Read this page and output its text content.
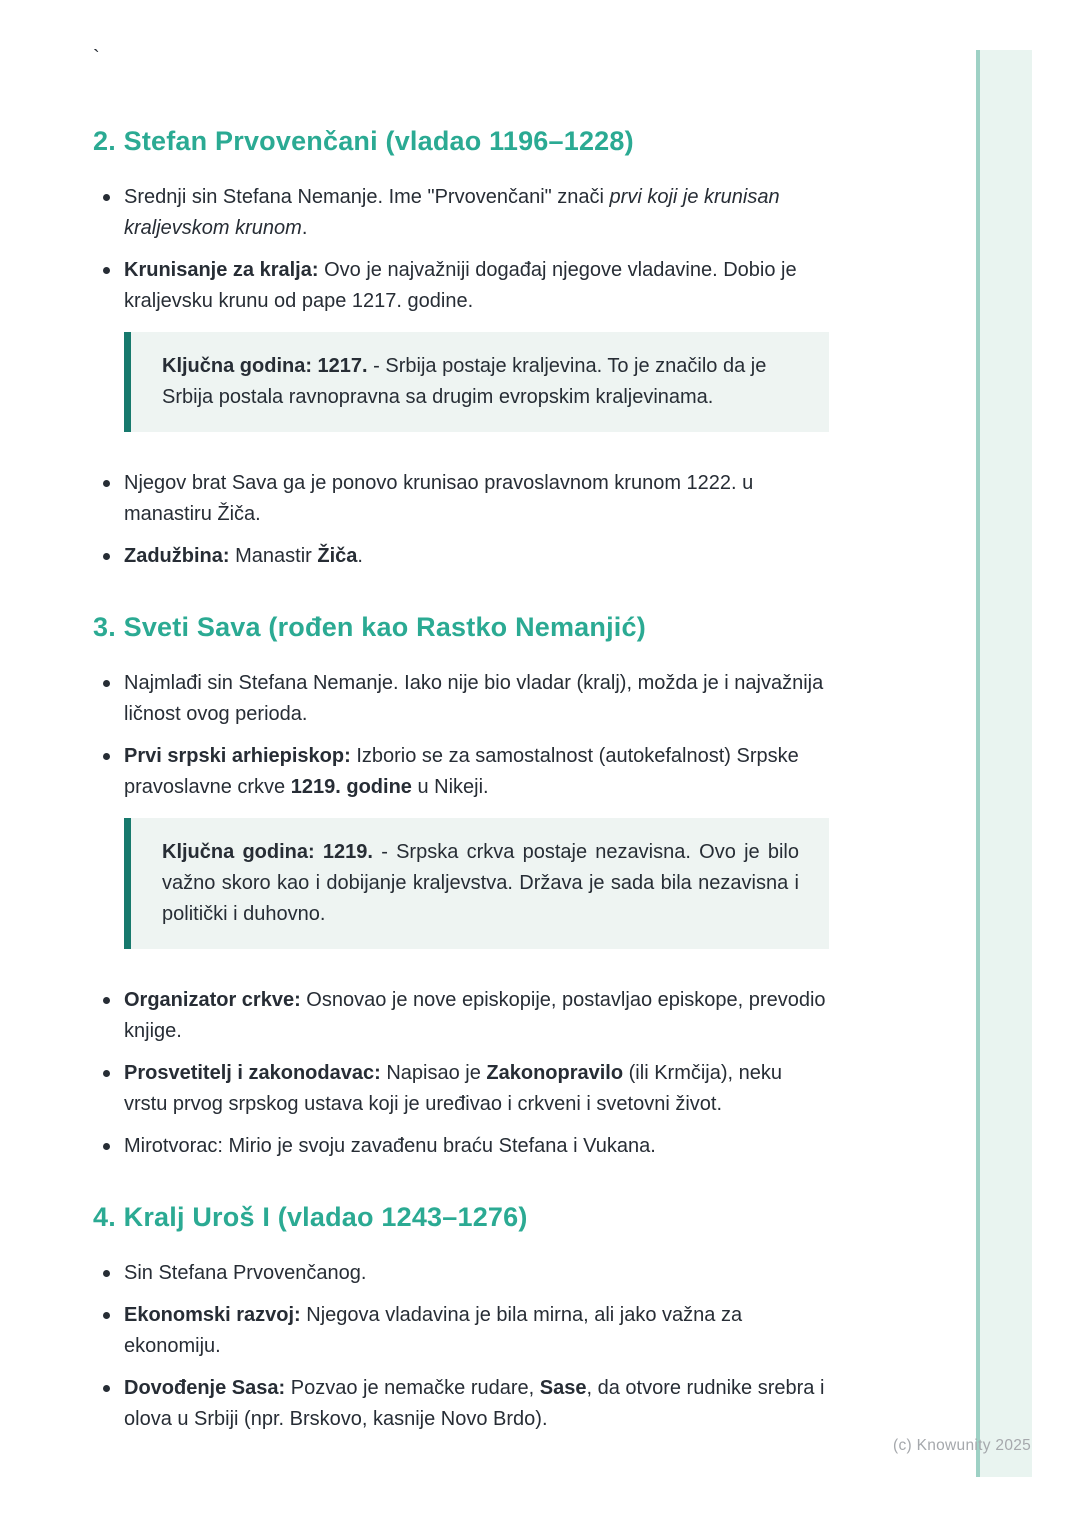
(c) Knowunity 2025
`
2. Stefan Prvovenčani (vladao 1196–1228)
Srednji sin Stefana Nemanje. Ime "Prvovenčani" znači prvi koji je krunisan kraljevskom krunom.
Krunisanje za kralja: Ovo je najvažniji događaj njegove vladavine. Dobio je kraljevsku krunu od pape 1217. godine.

Ključna godina: 1217. - Srbija postaje kraljevina. To je značilo da je Srbija postala ravnopravna sa drugim evropskim kraljevinama.

Njegov brat Sava ga je ponovo krunisao pravoslavnom krunom 1222. u manastiru Žiča.
Zadužbina: Manastir Žiča.
3. Sveti Sava (rođen kao Rastko Nemanjić)
Najmlađi sin Stefana Nemanje. Iako nije bio vladar (kralj), možda je i najvažnija ličnost ovog perioda.
Prvi srpski arhiepiskop: Izborio se za samostalnost (autokefalnost) Srpske pravoslavne crkve 1219. godine u Nikeji.

Ključna godina: 1219. - Srpska crkva postaje nezavisna. Ovo je bilo važno skoro kao i dobijanje kraljevstva. Država je sada bila nezavisna i politički i duhovno.

Organizator crkve: Osnovao je nove episkopije, postavljao episkope, prevodio knjige.
Prosvetitelj i zakonodavac: Napisao je Zakonopravilo (ili Krmčija), neku vrstu prvog srpskog ustava koji je uređivao i crkveni i svetovni život.
Mirotvorac: Mirio je svoju zavađenu braću Stefana i Vukana.
4. Kralj Uroš I (vladao 1243–1276)
Sin Stefana Prvovenčanog.
Ekonomski razvoj: Njegova vladavina je bila mirna, ali jako važna za ekonomiju.
Dovođenje Sasa: Pozvao je nemačke rudare, Sase, da otvore rudnike srebra i olova u Srbiji (npr. Brskovo, kasnije Novo Brdo).
